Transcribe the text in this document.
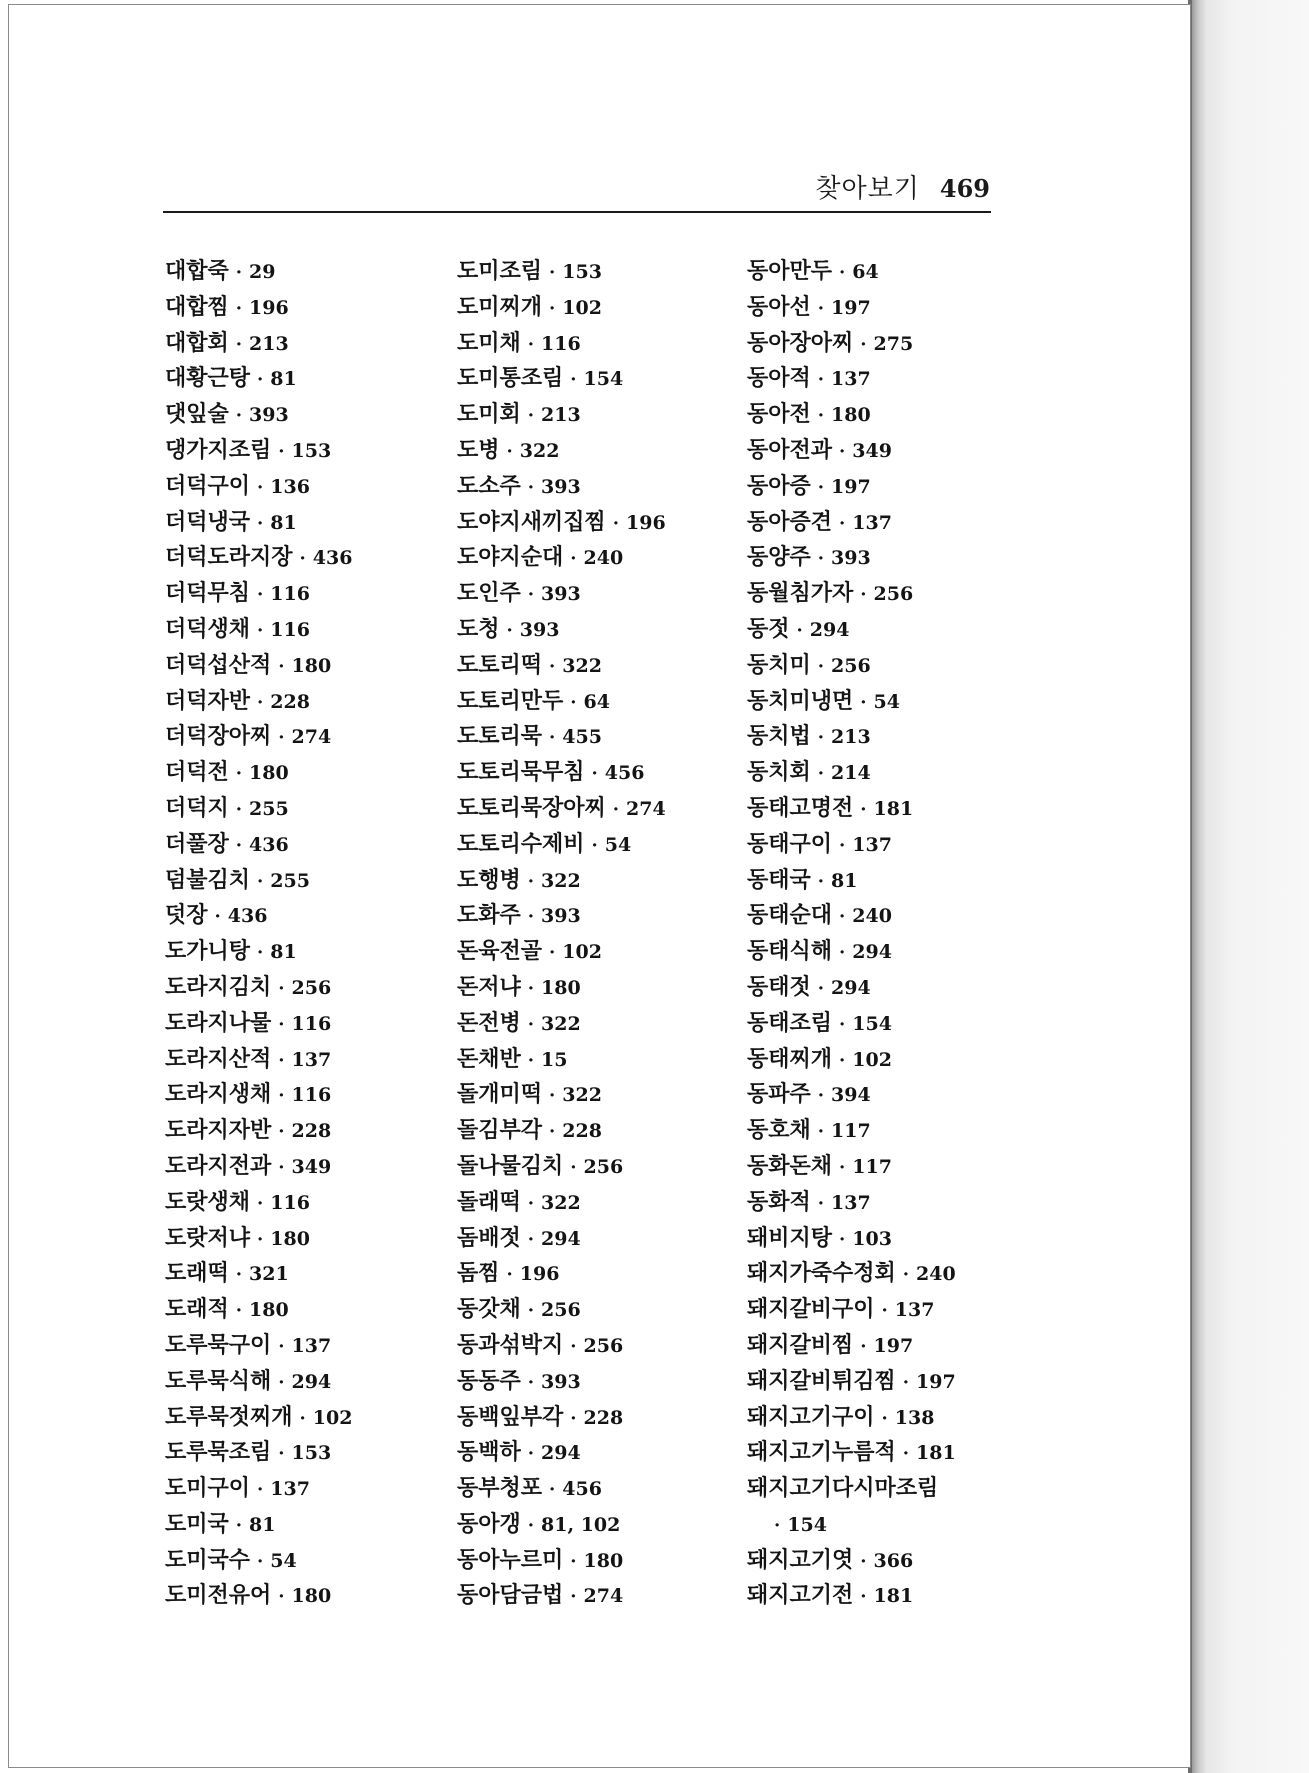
찾아보기 469
대합죽 · 29
대합찜 · 196
대합회 · 213
대황근탕 · 81
댓잎술 · 393
댕가지조림 · 153
더덕구이 · 136
더덕냉국 · 81
더덕도라지장 · 436
더덕무침 · 116
더덕생채 · 116
더덕섭산적 · 180
더덕자반 · 228
더덕장아찌 · 274
더덕전 · 180
더덕지 · 255
더풀장 · 436
덤불김치 · 255
덧장 · 436
도가니탕 · 81
도라지김치 · 256
도라지나물 · 116
도라지산적 · 137
도라지생채 · 116
도라지자반 · 228
도라지전과 · 349
도랏생채 · 116
도랏저냐 · 180
도래떡 · 321
도래적 · 180
도루묵구이 · 137
도루묵식해 · 294
도루묵젓찌개 · 102
도루묵조림 · 153
도미구이 · 137
도미국 · 81
도미국수 · 54
도미전유어 · 180
도미조림 · 153
도미찌개 · 102
도미채 · 116
도미통조림 · 154
도미회 · 213
도병 · 322
도소주 · 393
도야지새끼집찜 · 196
도야지순대 · 240
도인주 · 393
도청 · 393
도토리떡 · 322
도토리만두 · 64
도토리묵 · 455
도토리묵무침 · 456
도토리묵장아찌 · 274
도토리수제비 · 54
도행병 · 322
도화주 · 393
돈육전골 · 102
돈저냐 · 180
돈전병 · 322
돈채반 · 15
돌개미떡 · 322
돌김부각 · 228
돌나물김치 · 256
돌래떡 · 322
돔배젓 · 294
돔찜 · 196
동갓채 · 256
동과섞박지 · 256
동동주 · 393
동백잎부각 · 228
동백하 · 294
동부청포 · 456
동아갱 · 81, 102
동아누르미 · 180
동아담금법 · 274
동아만두 · 64
동아선 · 197
동아장아찌 · 275
동아적 · 137
동아전 · 180
동아전과 · 349
동아증 · 197
동아증견 · 137
동양주 · 393
동월침가자 · 256
동젓 · 294
동치미 · 256
동치미냉면 · 54
동치법 · 213
동치회 · 214
동태고명전 · 181
동태구이 · 137
동태국 · 81
동태순대 · 240
동태식해 · 294
동태젓 · 294
동태조림 · 154
동태찌개 · 102
동파주 · 394
동호채 · 117
동화돈채 · 117
동화적 · 137
돼비지탕 · 103
돼지가죽수정회 · 240
돼지갈비구이 · 137
돼지갈비찜 · 197
돼지갈비튀김찜 · 197
돼지고기구이 · 138
돼지고기누름적 · 181
돼지고기다시마조림
· 154
돼지고기엿 · 366
돼지고기전 · 181
